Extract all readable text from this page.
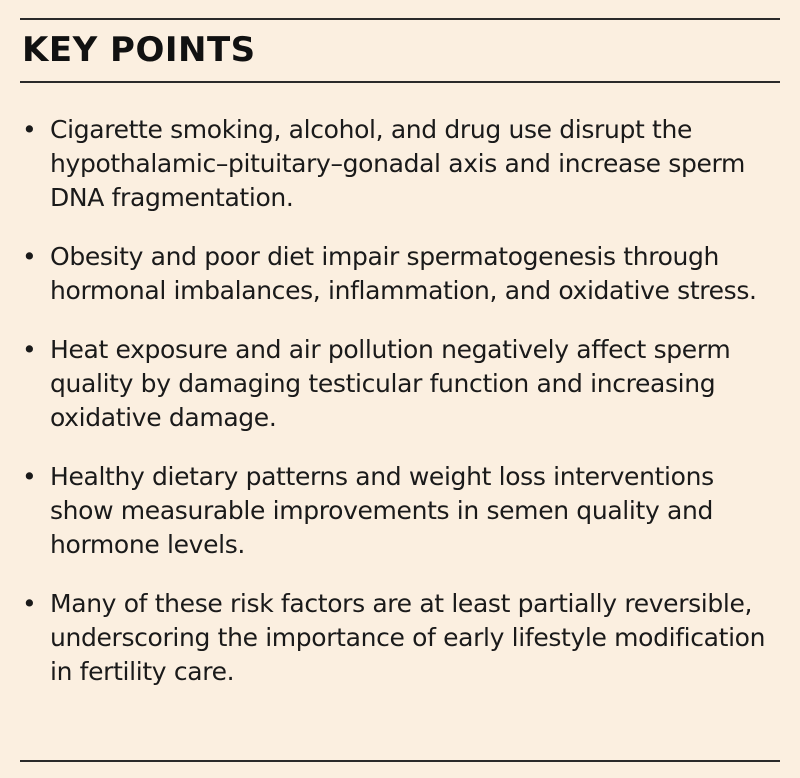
KEY POINTS
• Cigarette smoking, alcohol, and drug use disrupt the hypothalamic–pituitary–gonadal axis and increase sperm DNA fragmentation.
• Obesity and poor diet impair spermatogenesis through hormonal imbalances, inflammation, and oxidative stress.
• Heat exposure and air pollution negatively affect sperm quality by damaging testicular function and increasing oxidative damage.
• Healthy dietary patterns and weight loss interventions show measurable improvements in semen quality and hormone levels.
• Many of these risk factors are at least partially reversible, underscoring the importance of early lifestyle modification in fertility care.
